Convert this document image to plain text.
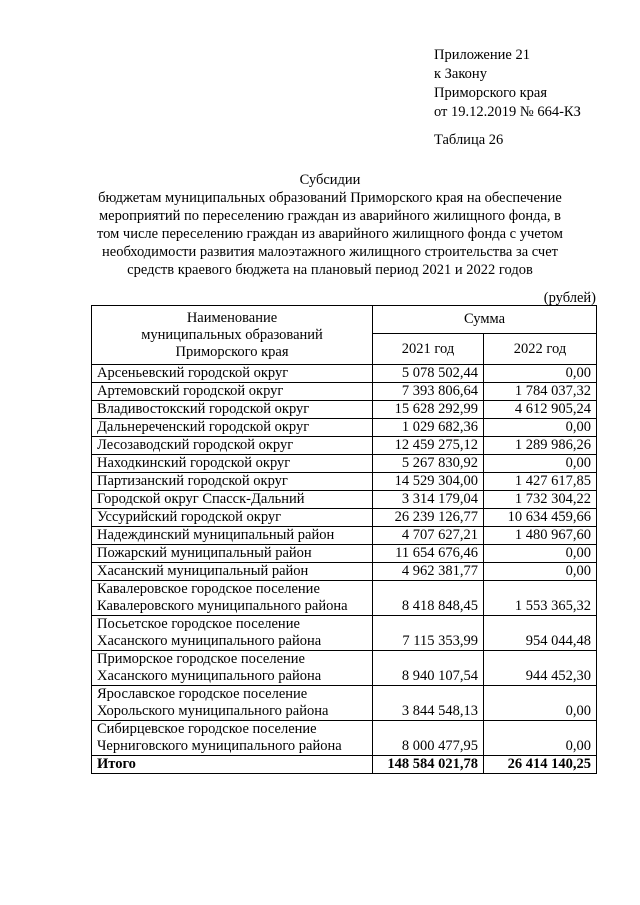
Приложение 21
к Закону
Приморского края
от 19.12.2019 № 664-КЗ
Таблица 26
Субсидии
бюджетам муниципальных образований Приморского края на обеспечение
мероприятий по переселению граждан из аварийного жилищного фонда, в
том числе переселению граждан из аварийного жилищного фонда с учетом
необходимости развития малоэтажного жилищного строительства за счет
средств краевого бюджета на плановый период 2021 и 2022 годов
(рублей)
Наименование
муниципальных образований
Приморского края	Сумма	
	2021 год	2022 год
Арсеньевский городской округ	5 078 502,44	0,00
Артемовский городской округ	7 393 806,64	1 784 037,32
Владивостокский городской округ	15 628 292,99	4 612 905,24
Дальнереченский городской округ	1 029 682,36	0,00
Лесозаводский городской округ	12 459 275,12	1 289 986,26
Находкинский городской округ	5 267 830,92	0,00
Партизанский городской округ	14 529 304,00	1 427 617,85
Городской округ Спасск-Дальний	3 314 179,04	1 732 304,22
Уссурийский городской округ	26 239 126,77	10 634 459,66
Надеждинский муниципальный район	4 707 627,21	1 480 967,60
Пожарский муниципальный район	11 654 676,46	0,00
Хасанский муниципальный район	4 962 381,77	0,00

Кавалеровское городское поселение
Кавалеровского муниципального района	8 418 848,45	1 553 365,32

Посьетское городское поселение
Хасанского муниципального района	7 115 353,99	954 044,48

Приморское городское поселение
Хасанского муниципального района	8 940 107,54	944 452,30

Ярославское городское поселение
Хорольского муниципального района	3 844 548,13	0,00

Сибирцевское городское поселение
Черниговского муниципального района	8 000 477,95	0,00
Итого	148 584 021,78	26 414 140,25
